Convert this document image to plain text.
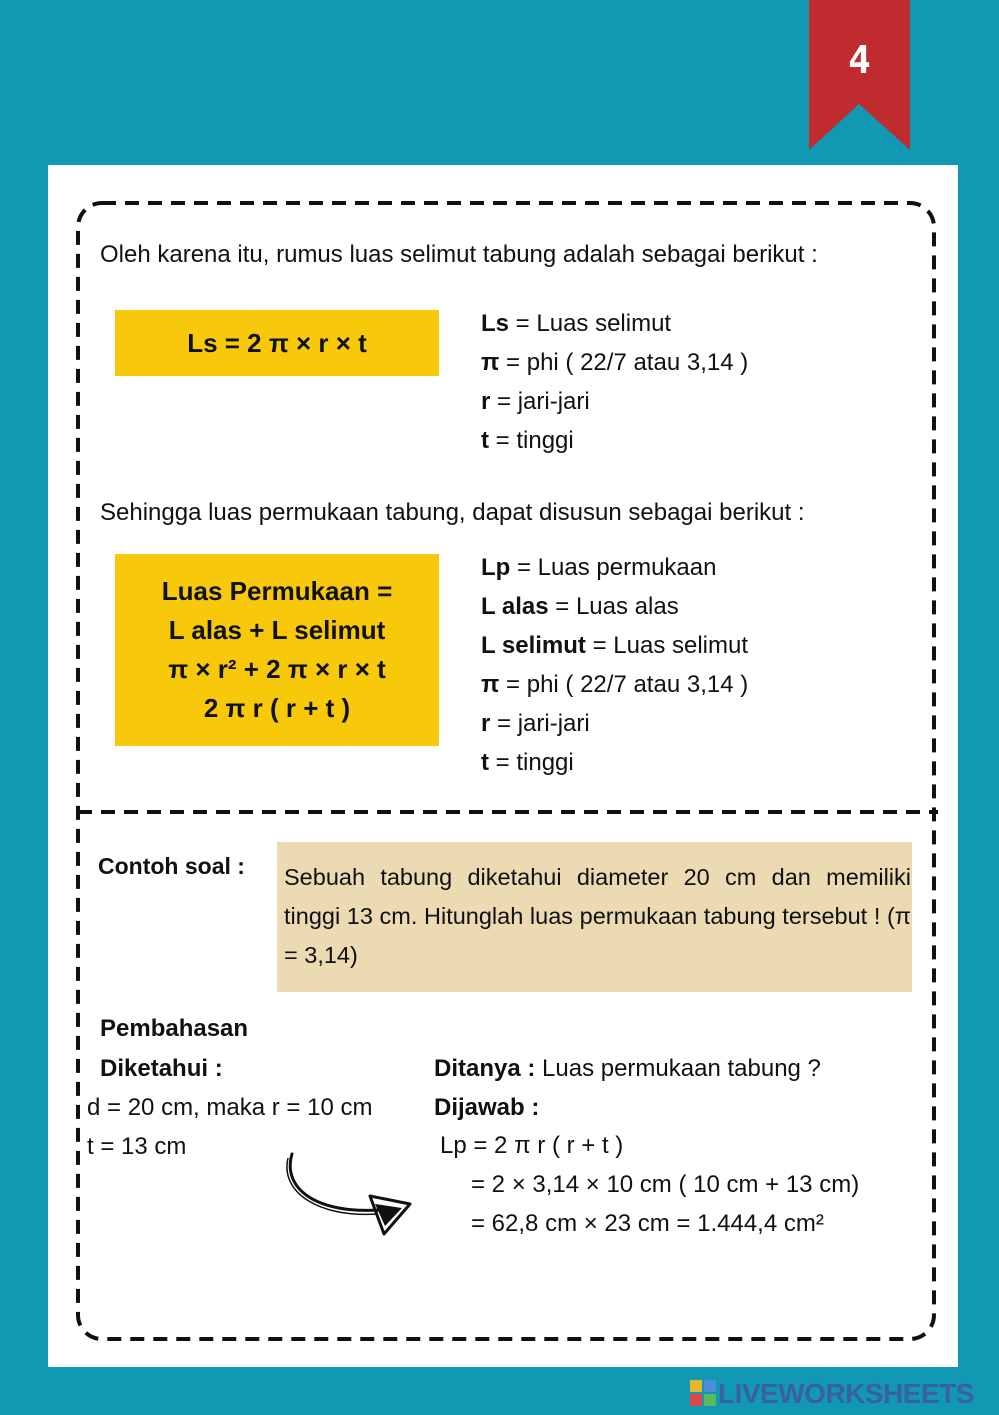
4
Oleh karena itu, rumus luas selimut tabung adalah sebagai berikut :
Ls = 2 π × r × t
Ls = Luas selimut
π = phi ( 22/7 atau 3,14 )
r = jari-jari
t = tinggi
Sehingga luas permukaan tabung, dapat disusun sebagai berikut :
Luas Permukaan =
L alas + L selimut
π × r² + 2 π × r × t
2 π r ( r + t )
Lp = Luas permukaan
L alas = Luas alas
L selimut = Luas selimut
π = phi ( 22/7 atau 3,14 )
r = jari-jari
t = tinggi
Contoh soal : Sebuah tabung diketahui diameter 20 cm dan memiliki tinggi 13 cm. Hitunglah luas permukaan tabung tersebut ! (π = 3,14)
Pembahasan
Diketahui :
d = 20 cm, maka r = 10 cm
t = 13 cm
Ditanya : Luas permukaan tabung ?
Dijawab :
Lp = 2 π r ( r + t )
= 2 × 3,14 × 10 cm ( 10 cm + 13 cm)
= 62,8 cm × 23 cm = 1.444,4 cm²
LIVEWORKSHEETS
